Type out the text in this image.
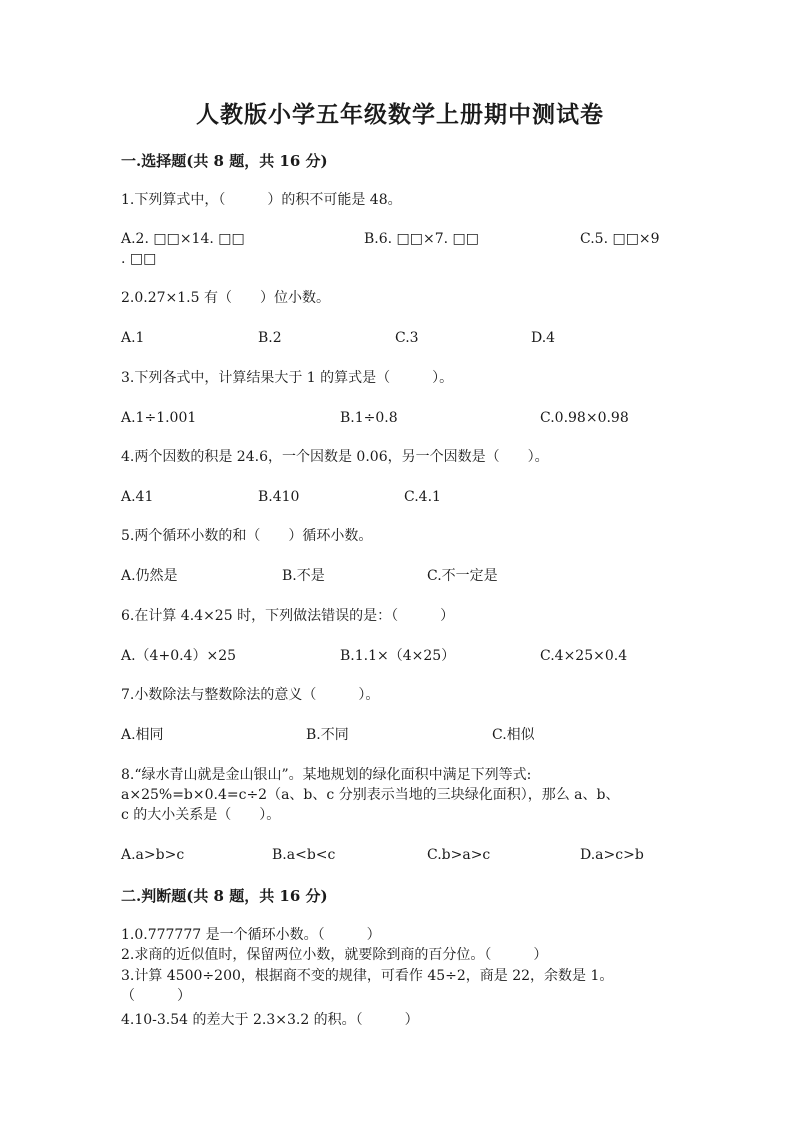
人教版小学五年级数学上册期中测试卷
一.选择题(共 8 题，共 16 分)
1.下列算式中，（　　　）的积不可能是 48。
A.2. □□×14. □□	B.6. □□×7. □□	C.5. □□×9
. □□
2.0.27×1.5 有（　　）位小数。
A.1	B.2	C.3	D.4
3.下列各式中，计算结果大于 1 的算式是（　　　）。
A.1÷1.001	B.1÷0.8	C.0.98×0.98
4.两个因数的积是 24.6，一个因数是 0.06，另一个因数是（　　）。
A.41	B.410	C.4.1
5.两个循环小数的和（　　）循环小数。
A.仍然是	B.不是	C.不一定是
6.在计算 4.4×25 时，下列做法错误的是：（　　　）
A.（4+0.4）×25	B.1.1×（4×25）	C.4×25×0.4
7.小数除法与整数除法的意义（　　　）。
A.相同	B.不同	C.相似
8.“绿水青山就是金山银山”。某地规划的绿化面积中满足下列等式:
a×25%=b×0.4=c÷2（a、b、c 分别表示当地的三块绿化面积），那么 a、b、
c 的大小关系是（　　）。
A.a>b>c	B.a<b<c	C.b>a>c	D.a>c>b
二.判断题(共 8 题，共 16 分)
1.0.777777 是一个循环小数。（　　　）
2.求商的近似值时，保留两位小数，就要除到商的百分位。（　　　）
3.计算 4500÷200，根据商不变的规律，可看作 45÷2，商是 22，余数是 1。
（　　　）
4.10-3.54 的差大于 2.3×3.2 的积。（　　　）
